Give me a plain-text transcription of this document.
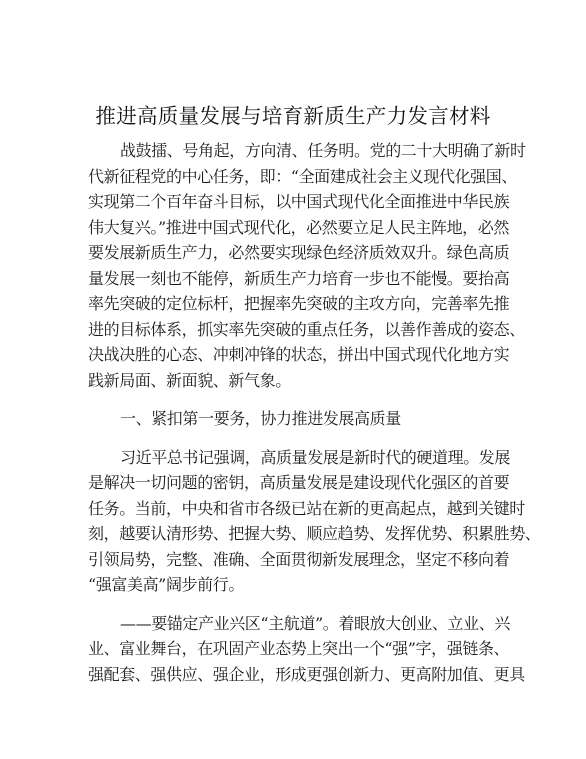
推进高质量发展与培育新质生产力发言材料
战鼓擂、号角起，方向清、任务明。党的二十大明确了新时
代新征程党的中心任务，即：“全面建成社会主义现代化强国、
实现第二个百年奋斗目标，以中国式现代化全面推进中华民族
伟大复兴。”推进中国式现代化，必然要立足人民主阵地，必然
要发展新质生产力，必然要实现绿色经济质效双升。绿色高质
量发展一刻也不能停，新质生产力培育一步也不能慢。要抬高
率先突破的定位标杆，把握率先突破的主攻方向，完善率先推
进的目标体系，抓实率先突破的重点任务，以善作善成的姿态、
决战决胜的心态、冲刺冲锋的状态，拼出中国式现代化地方实
践新局面、新面貌、新气象。
一、紧扣第一要务，协力推进发展高质量
习近平总书记强调，高质量发展是新时代的硬道理。发展
是解决一切问题的密钥，高质量发展是建设现代化强区的首要
任务。当前，中央和省市各级已站在新的更高起点，越到关键时
刻，越要认清形势、把握大势、顺应趋势、发挥优势、积累胜势、
引领局势，完整、准确、全面贯彻新发展理念，坚定不移向着
“强富美高”阔步前行。
——要锚定产业兴区“主航道”。着眼放大创业、立业、兴
业、富业舞台，在巩固产业态势上突出一个“强”字，强链条、
强配套、强供应、强企业，形成更强创新力、更高附加值、更具
